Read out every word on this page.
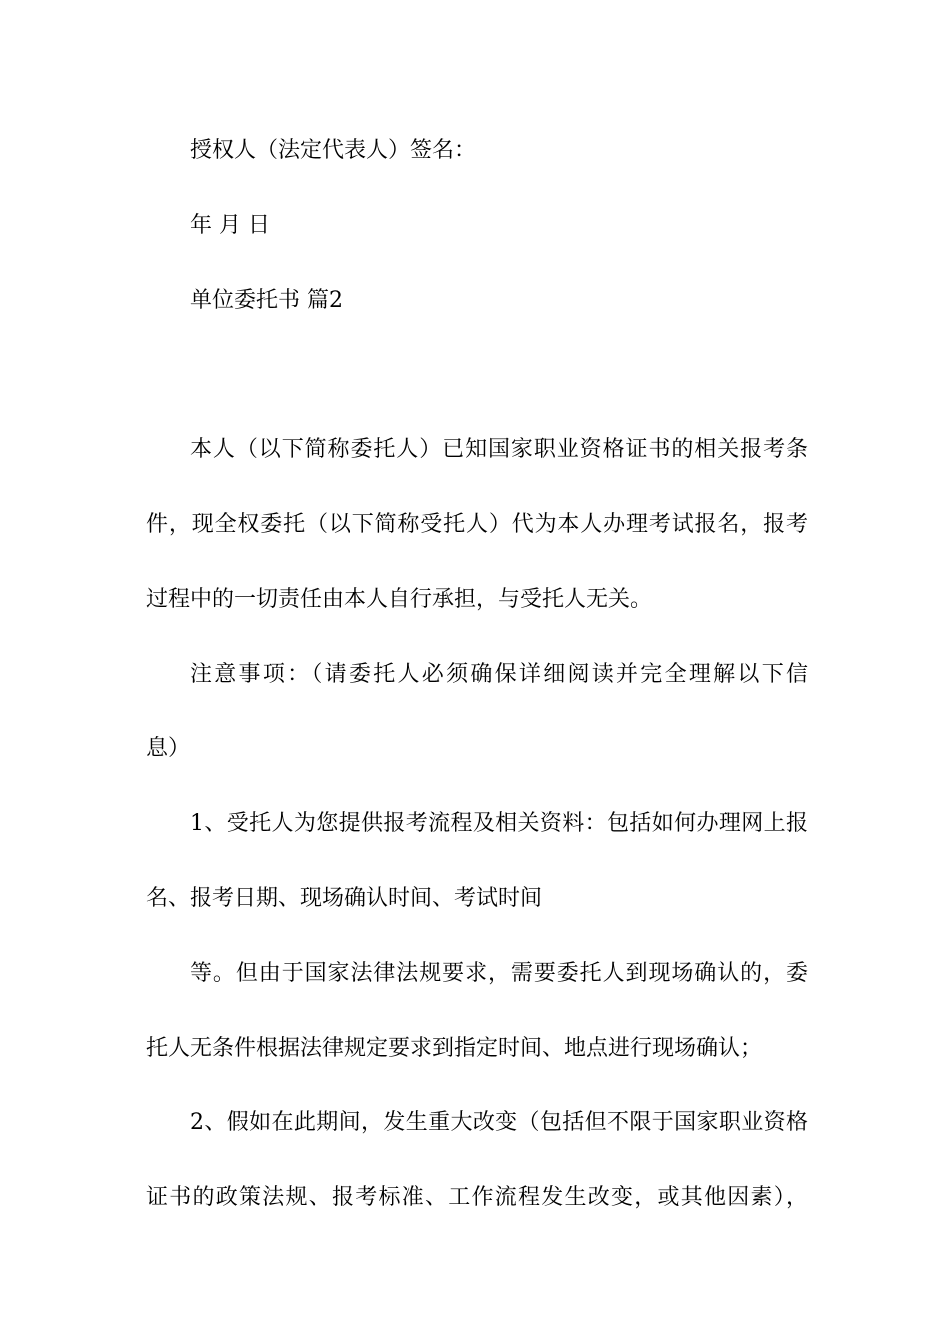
授权人（法定代表人）签名：
年 月 日
单位委托书 篇2
本人（以下简称委托人）已知国家职业资格证书的相关报考条
件，现全权委托（以下简称受托人）代为本人办理考试报名，报考
过程中的一切责任由本人自行承担，与受托人无关。
注意事项：（请委托人必须确保详细阅读并完全理解以下信
息）
1、受托人为您提供报考流程及相关资料：包括如何办理网上报
名、报考日期、现场确认时间、考试时间
等。但由于国家法律法规要求，需要委托人到现场确认的，委
托人无条件根据法律规定要求到指定时间、地点进行现场确认；
2、假如在此期间，发生重大改变（包括但不限于国家职业资格
证书的政策法规、报考标准、工作流程发生改变，或其他因素），
